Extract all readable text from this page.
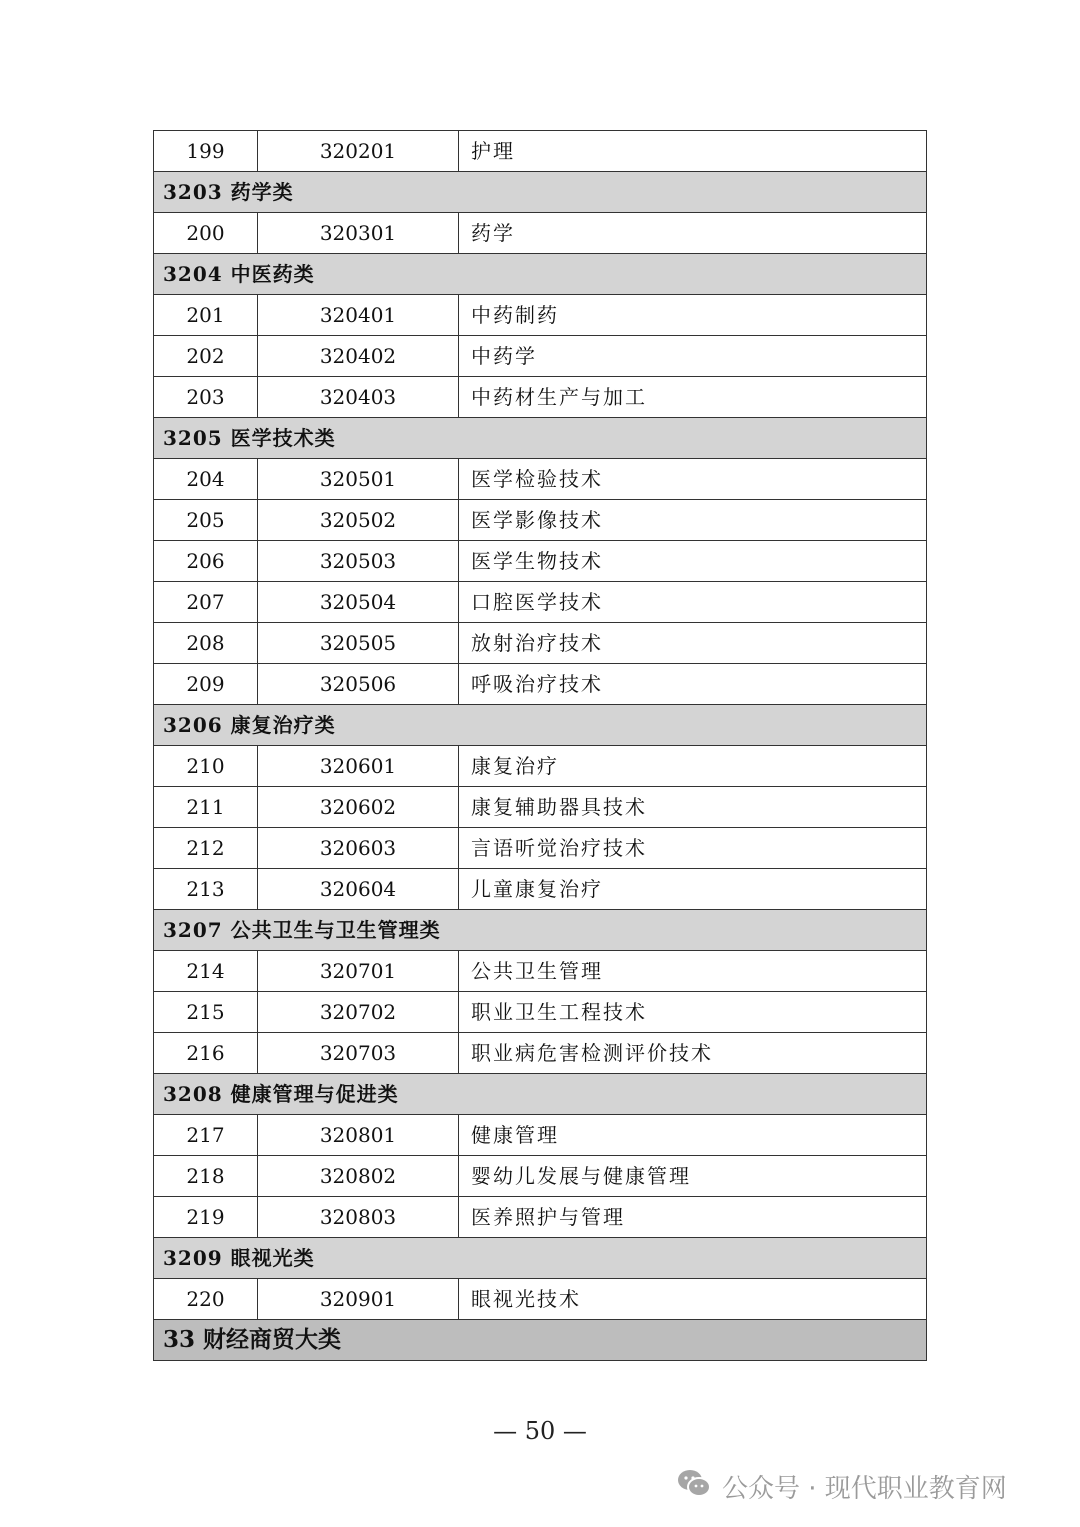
199	320201	护理
3203 药学类		
200	320301	药学
3204 中医药类		
201	320401	中药制药
202	320402	中药学
203	320403	中药材生产与加工
3205 医学技术类		
204	320501	医学检验技术
205	320502	医学影像技术
206	320503	医学生物技术
207	320504	口腔医学技术
208	320505	放射治疗技术
209	320506	呼吸治疗技术
3206 康复治疗类		
210	320601	康复治疗
211	320602	康复辅助器具技术
212	320603	言语听觉治疗技术
213	320604	儿童康复治疗
3207 公共卫生与卫生管理类		
214	320701	公共卫生管理
215	320702	职业卫生工程技术
216	320703	职业病危害检测评价技术
3208 健康管理与促进类		
217	320801	健康管理
218	320802	婴幼儿发展与健康管理
219	320803	医养照护与管理
3209 眼视光类		
220	320901	眼视光技术
33 财经商贸大类		
— 50 —
公众号 · 现代职业教育网
